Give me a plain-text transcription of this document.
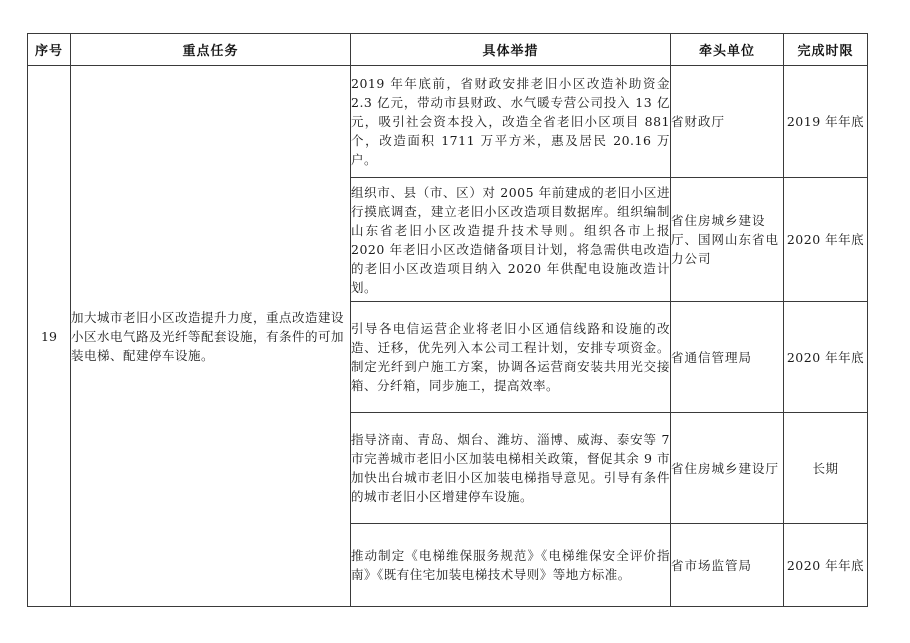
序号	重点任务	具体举措	牵头单位	完成时限
19	加大城市老旧小区改造提升力度，重点改造建设小区水电气路及光纤等配套设施，有条件的可加装电梯、配建停车设施。	2019 年年底前，省财政安排老旧小区改造补助资金 2.3 亿元，带动市县财政、水气暖专营公司投入 13 亿元，吸引社会资本投入，改造全省老旧小区项目 881 个，改造面积 1711 万平方米，惠及居民 20.16 万户。	省财政厅	2019 年年底
		组织市、县（市、区）对 2005 年前建成的老旧小区进行摸底调查，建立老旧小区改造项目数据库。组织编制山东省老旧小区改造提升技术导则。组织各市上报 2020 年老旧小区改造储备项目计划，将急需供电改造的老旧小区改造项目纳入 2020 年供配电设施改造计划。	省住房城乡建设厅、国网山东省电力公司	2020 年年底
		引导各电信运营企业将老旧小区通信线路和设施的改造、迁移，优先列入本公司工程计划，安排专项资金。制定光纤到户施工方案，协调各运营商安装共用光交接箱、分纤箱，同步施工，提高效率。	省通信管理局	2020 年年底
		指导济南、青岛、烟台、潍坊、淄博、威海、泰安等 7 市完善城市老旧小区加装电梯相关政策，督促其余 9 市加快出台城市老旧小区加装电梯指导意见。引导有条件的城市老旧小区增建停车设施。	省住房城乡建设厅	长期
		推动制定《电梯维保服务规范》《电梯维保安全评价指南》《既有住宅加装电梯技术导则》等地方标准。	省市场监管局	2020 年年底
